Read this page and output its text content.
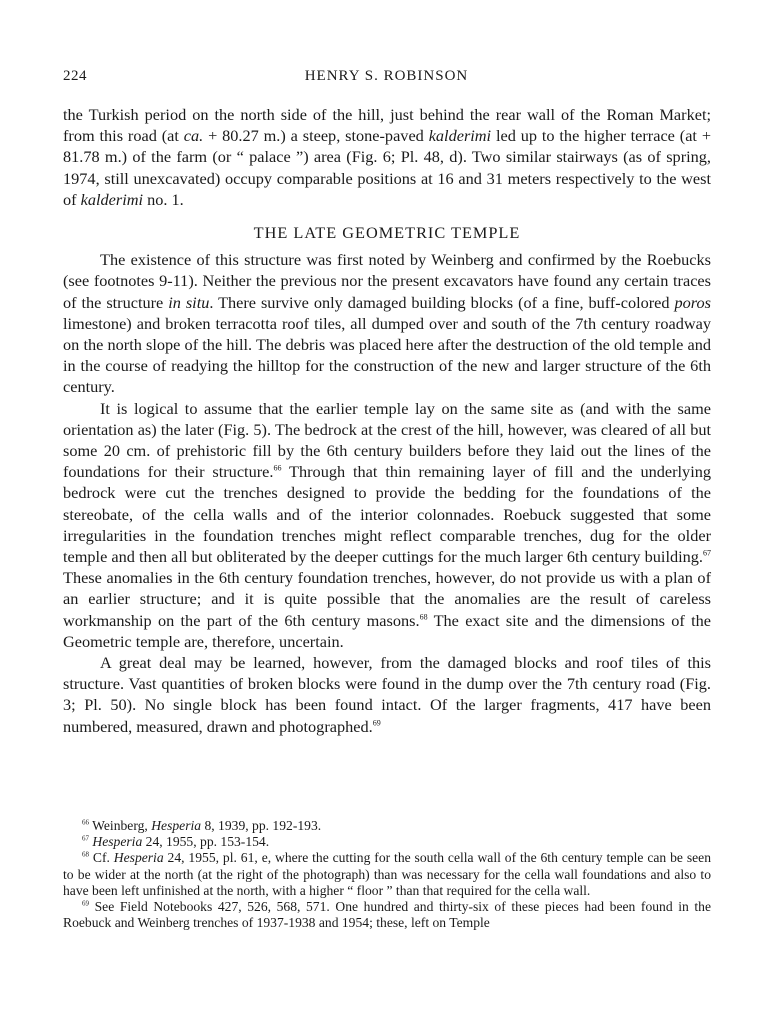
224	HENRY S. ROBINSON

the Turkish period on the north side of the hill, just behind the rear wall of the Roman Market; from this road (at ca. + 80.27 m.) a steep, stone-paved kalderimi led up to the higher terrace (at + 81.78 m.) of the farm (or “ palace ”) area (Fig. 6; Pl. 48, d). Two similar stairways (as of spring, 1974, still unexcavated) occupy comparable positions at 16 and 31 meters respectively to the west of kalderimi no. 1.

THE LATE GEOMETRIC TEMPLE

The existence of this structure was first noted by Weinberg and confirmed by the Roebucks (see footnotes 9-11). Neither the previous nor the present excavators have found any certain traces of the structure in situ. There survive only damaged building blocks (of a fine, buff-colored poros limestone) and broken terracotta roof tiles, all dumped over and south of the 7th century roadway on the north slope of the hill. The debris was placed here after the destruction of the old temple and in the course of readying the hilltop for the construction of the new and larger structure of the 6th century.

It is logical to assume that the earlier temple lay on the same site as (and with the same orientation as) the later (Fig. 5). The bedrock at the crest of the hill, however, was cleared of all but some 20 cm. of prehistoric fill by the 6th century builders before they laid out the lines of the foundations for their structure.$^{66}$ Through that thin remaining layer of fill and the underlying bedrock were cut the trenches designed to provide the bedding for the foundations of the stereobate, of the cella walls and of the interior colonnades. Roebuck suggested that some irregularities in the foundation trenches might reflect comparable trenches, dug for the older temple and then all but obliterated by the deeper cuttings for the much larger 6th century building.$^{67}$ These anomalies in the 6th century foundation trenches, however, do not provide us with a plan of an earlier structure; and it is quite possible that the anomalies are the result of careless workmanship on the part of the 6th century masons.$^{68}$ The exact site and the dimensions of the Geometric temple are, therefore, uncertain.

A great deal may be learned, however, from the damaged blocks and roof tiles of this structure. Vast quantities of broken blocks were found in the dump over the 7th century road (Fig. 3; Pl. 50). No single block has been found intact. Of the larger fragments, 417 have been numbered, measured, drawn and photographed.$^{69}$

$^{66}$ Weinberg, Hesperia 8, 1939, pp. 192-193.

$^{67}$ Hesperia 24, 1955, pp. 153-154.

$^{68}$ Cf. Hesperia 24, 1955, pl. 61, e, where the cutting for the south cella wall of the 6th century temple can be seen to be wider at the north (at the right of the photograph) than was necessary for the cella wall foundations and also to have been left unfinished at the north, with a higher “ floor ” than that required for the cella wall.

$^{69}$ See Field Notebooks 427, 526, 568, 571. One hundred and thirty-six of these pieces had been found in the Roebuck and Weinberg trenches of 1937-1938 and 1954; these, left on Temple
